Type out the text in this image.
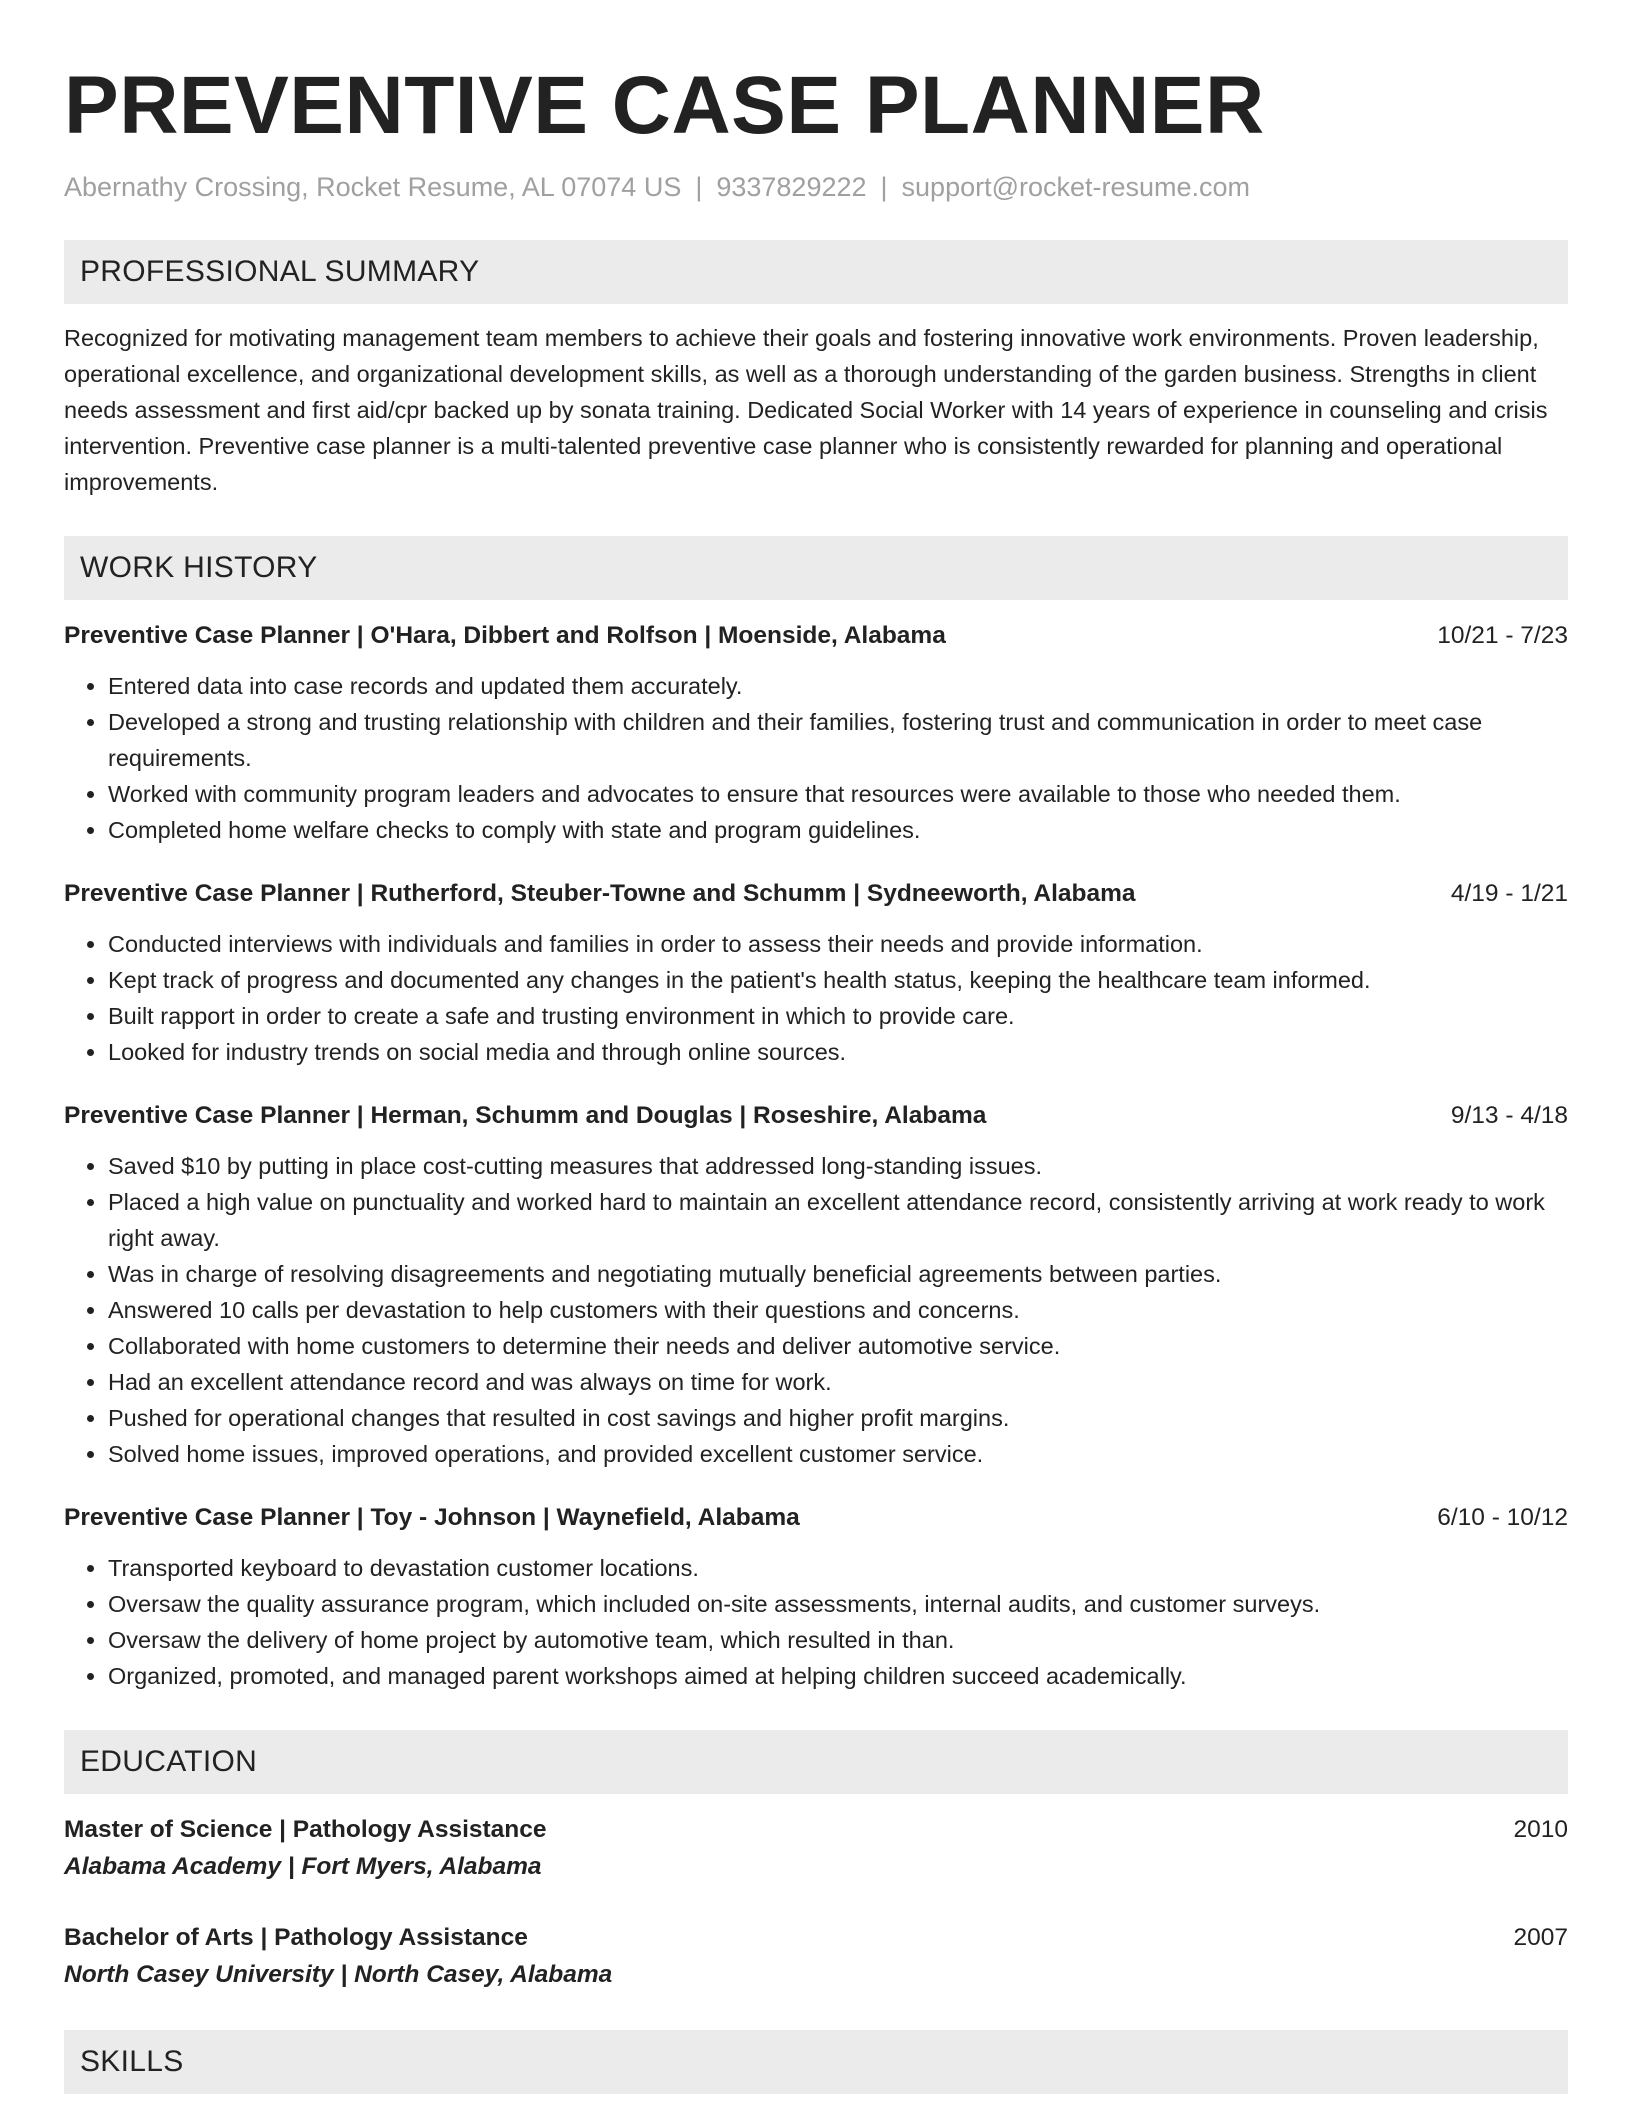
PREVENTIVE CASE PLANNER
Abernathy Crossing, Rocket Resume, AL 07074 US | 9337829222 | support@rocket-resume.com
PROFESSIONAL SUMMARY

Recognized for motivating management team members to achieve their goals and fostering innovative work environments. Proven leadership, operational excellence, and organizational development skills, as well as a thorough understanding of the garden business. Strengths in client needs assessment and first aid/cpr backed up by sonata training. Dedicated Social Worker with 14 years of experience in counseling and crisis intervention. Preventive case planner is a multi-talented preventive case planner who is consistently rewarded for planning and operational improvements.

WORK HISTORY
Preventive Case Planner | O'Hara, Dibbert and Rolfson | Moenside, Alabama	10/21 - 7/23
• Entered data into case records and updated them accurately.
• Developed a strong and trusting relationship with children and their families, fostering trust and communication in order to meet case requirements.
• Worked with community program leaders and advocates to ensure that resources were available to those who needed them.
• Completed home welfare checks to comply with state and program guidelines.
Preventive Case Planner | Rutherford, Steuber-Towne and Schumm | Sydneeworth, Alabama	4/19 - 1/21
• Conducted interviews with individuals and families in order to assess their needs and provide information.
• Kept track of progress and documented any changes in the patient's health status, keeping the healthcare team informed.
• Built rapport in order to create a safe and trusting environment in which to provide care.
• Looked for industry trends on social media and through online sources.
Preventive Case Planner | Herman, Schumm and Douglas | Roseshire, Alabama	9/13 - 4/18
• Saved $10 by putting in place cost-cutting measures that addressed long-standing issues.
• Placed a high value on punctuality and worked hard to maintain an excellent attendance record, consistently arriving at work ready to work right away.
• Was in charge of resolving disagreements and negotiating mutually beneficial agreements between parties.
• Answered 10 calls per devastation to help customers with their questions and concerns.
• Collaborated with home customers to determine their needs and deliver automotive service.
• Had an excellent attendance record and was always on time for work.
• Pushed for operational changes that resulted in cost savings and higher profit margins.
• Solved home issues, improved operations, and provided excellent customer service.
Preventive Case Planner | Toy - Johnson | Waynefield, Alabama	6/10 - 10/12
• Transported keyboard to devastation customer locations.
• Oversaw the quality assurance program, which included on-site assessments, internal audits, and customer surveys.
• Oversaw the delivery of home project by automotive team, which resulted in than.
• Organized, promoted, and managed parent workshops aimed at helping children succeed academically.
EDUCATION
Master of Science | Pathology Assistance	2010
Alabama Academy | Fort Myers, Alabama
Bachelor of Arts | Pathology Assistance	2007
North Casey University | North Casey, Alabama
SKILLS
